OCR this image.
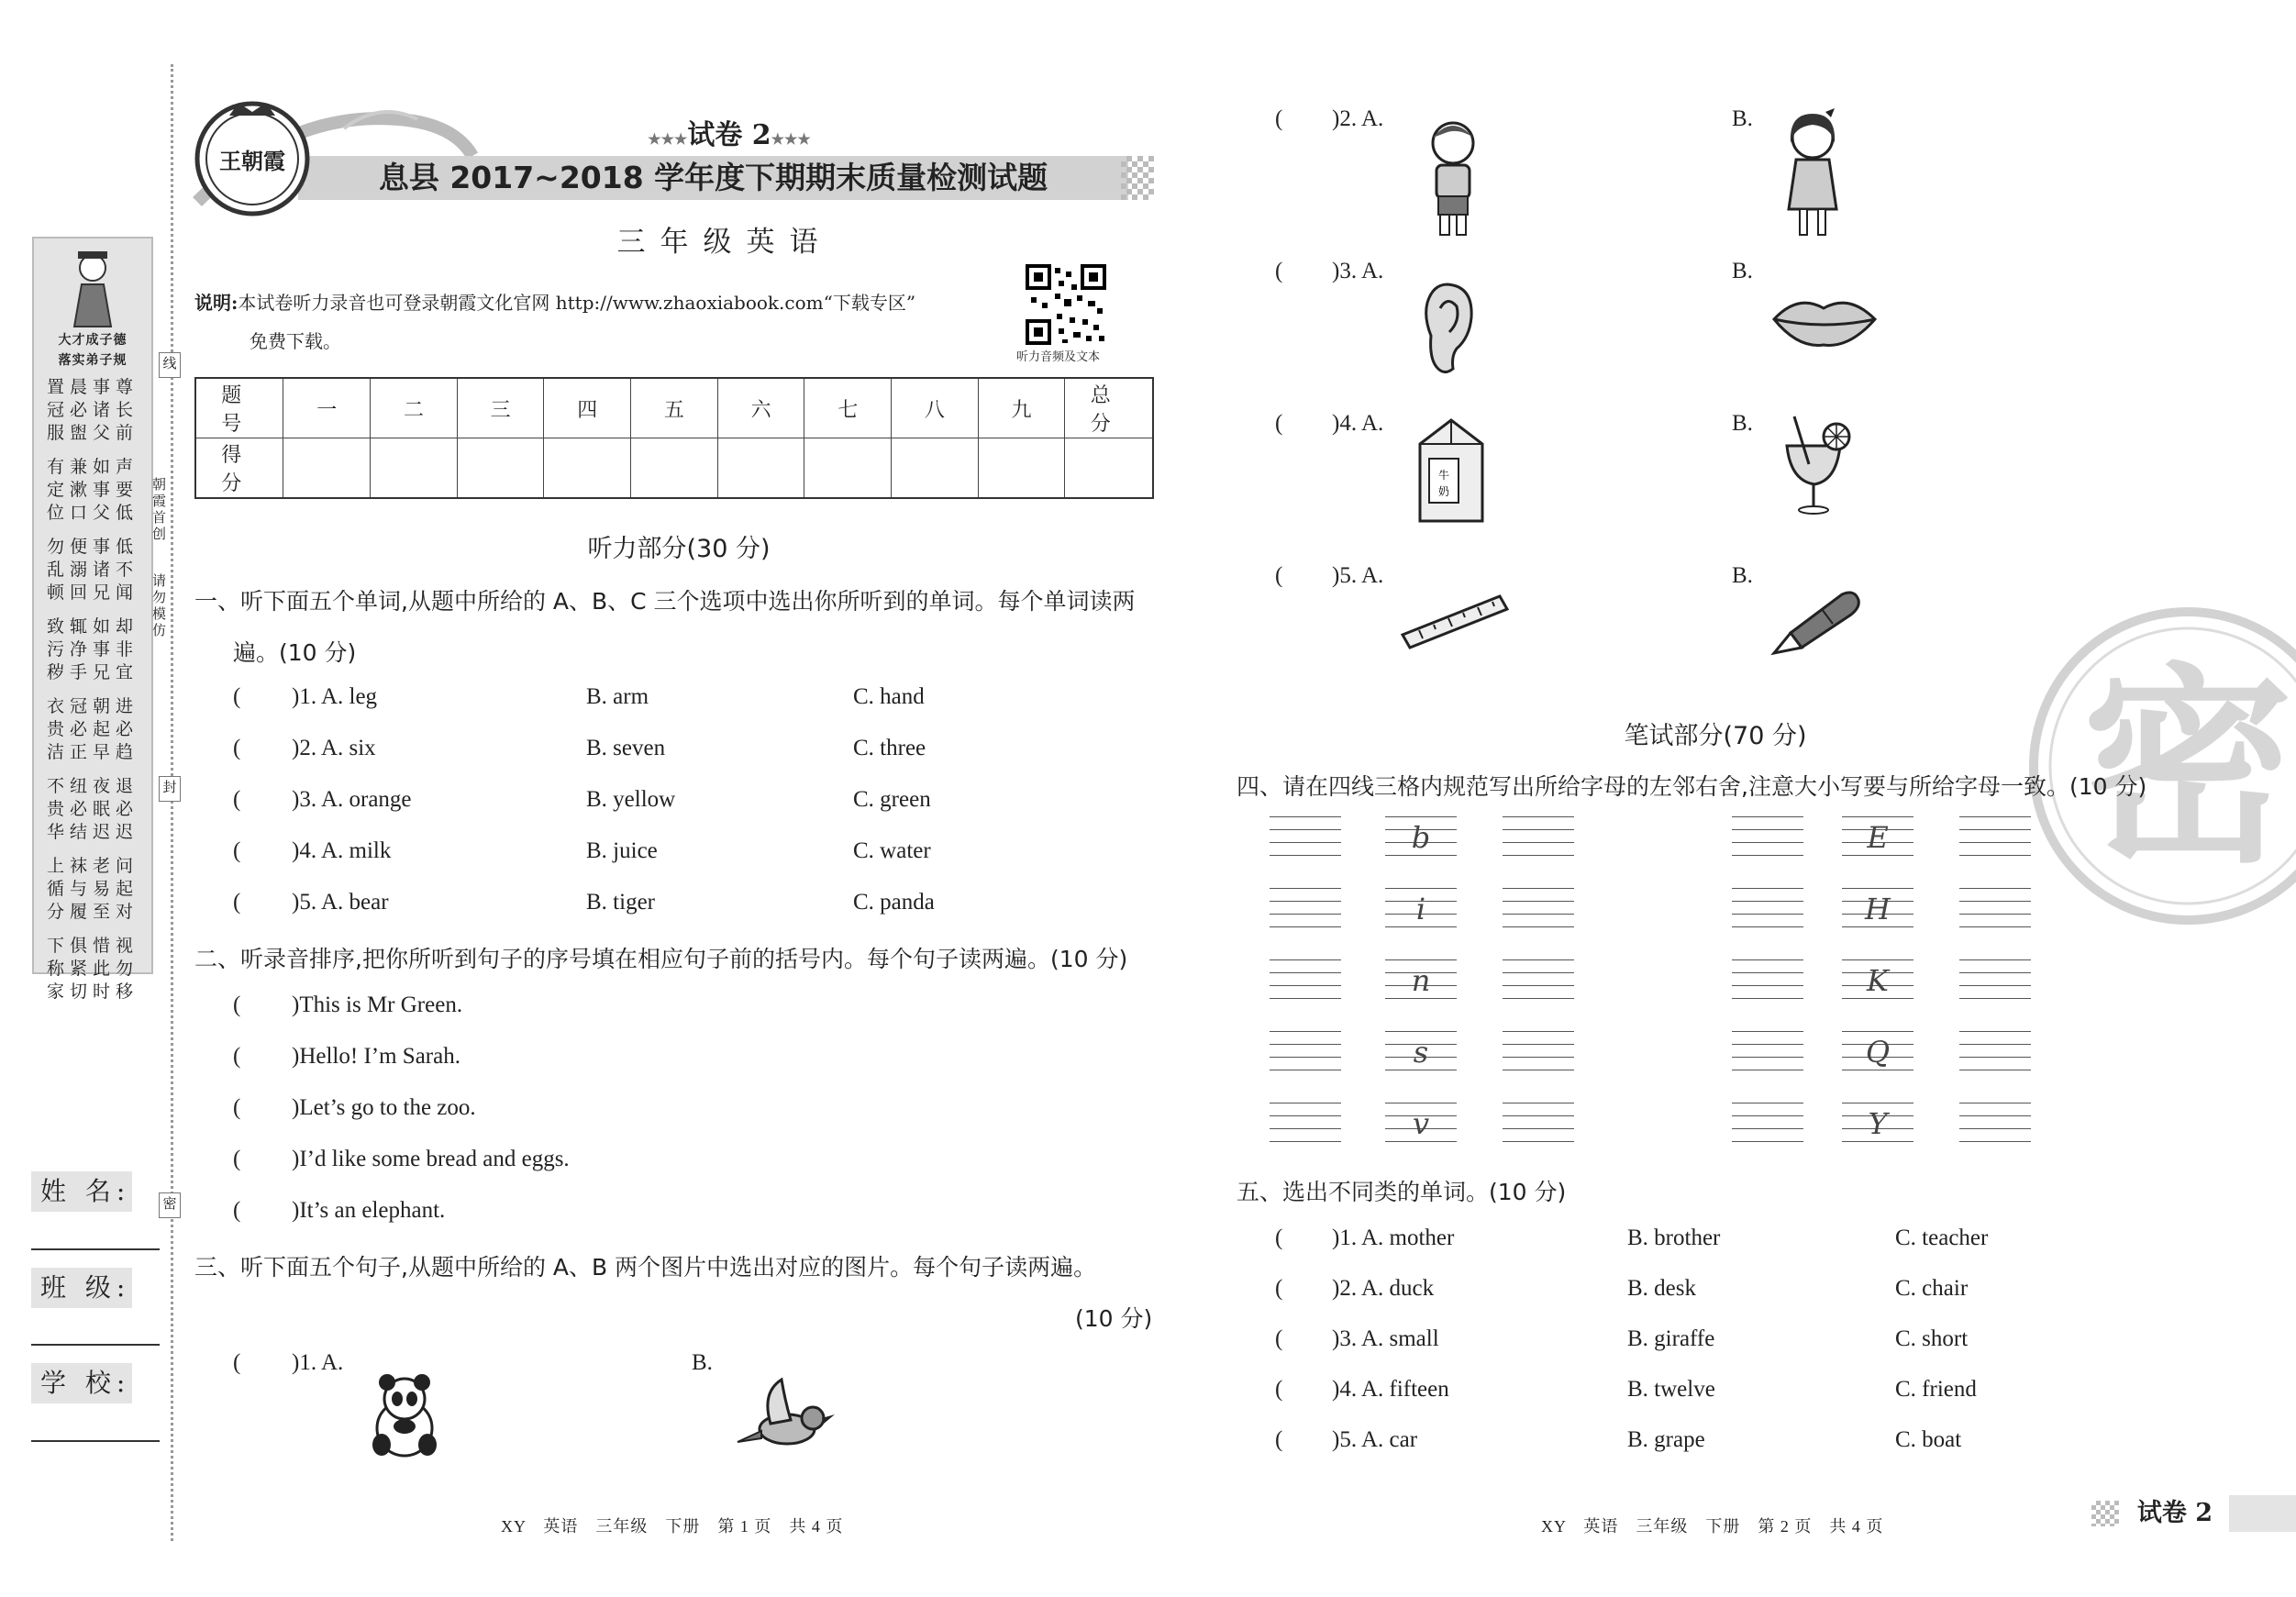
大才成子德
落实弟子规
置晨事尊
冠必诸长
服盥父前
有兼如声
定漱事要
位口父低
勿便事低
乱溺诸不
顿回兄闻
致辄如却
污净事非
秽手兄宜
衣冠朝进
贵必起必
洁正早趋
不纽夜退
贵必眠必
华结迟迟
上袜老问
循与易起
分履至对
下俱惜视
称紧此勿
家切时移
线
封
密
朝霞首创
请勿模仿
姓 名:
班 级:
学 校:
王朝霞
★★★试卷 2★★★
息县 2017~2018 学年度下期期末质量检测试题
三年级英语
说明:本试卷听力录音也可登录朝霞文化官网 http://www.zhaoxiabook.com“下载专区”
免费下载。
听力音频及文本
题 号	一	二	三	四	五	六	七	八	九	总 分
得 分										
听力部分(30 分)
一、听下面五个单词,从题中所给的 A、B、C 三个选项中选出你所听到的单词。每个单词读两
遍。(10 分)
( )1. A. leg	B. arm	C. hand
( )2. A. six	B. seven	C. three
( )3. A. orange	B. yellow	C. green
( )4. A. milk	B. juice	C. water
( )5. A. bear	B. tiger	C. panda
二、听录音排序,把你所听到句子的序号填在相应句子前的括号内。每个句子读两遍。(10 分)
( )This is Mr Green.
( )Hello! I’m Sarah.
( )Let’s go to the zoo.
( )I’d like some bread and eggs.
( )It’s an elephant.
三、听下面五个句子,从题中所给的 A、B 两个图片中选出对应的图片。每个句子读两遍。
(10 分)
( )1. A.	B.
XY　英语　三年级　下册　第 1 页　共 4 页
( )2. A.	B.
( )3. A.	B.
( )4. A.	B.
牛
奶
( )5. A.	B.
密
笔试部分(70 分)
四、请在四线三格内规范写出所给字母的左邻右舍,注意大小写要与所给字母一致。(10 分)
b	E
i	H
n	K
s	Q
v	Y
五、选出不同类的单词。(10 分)
( )1. A. mother	B. brother	C. teacher
( )2. A. duck	B. desk	C. chair
( )3. A. small	B. giraffe	C. short
( )4. A. fifteen	B. twelve	C. friend
( )5. A. car	B. grape	C. boat
XY　英语　三年级　下册　第 2 页　共 4 页	试卷 2
